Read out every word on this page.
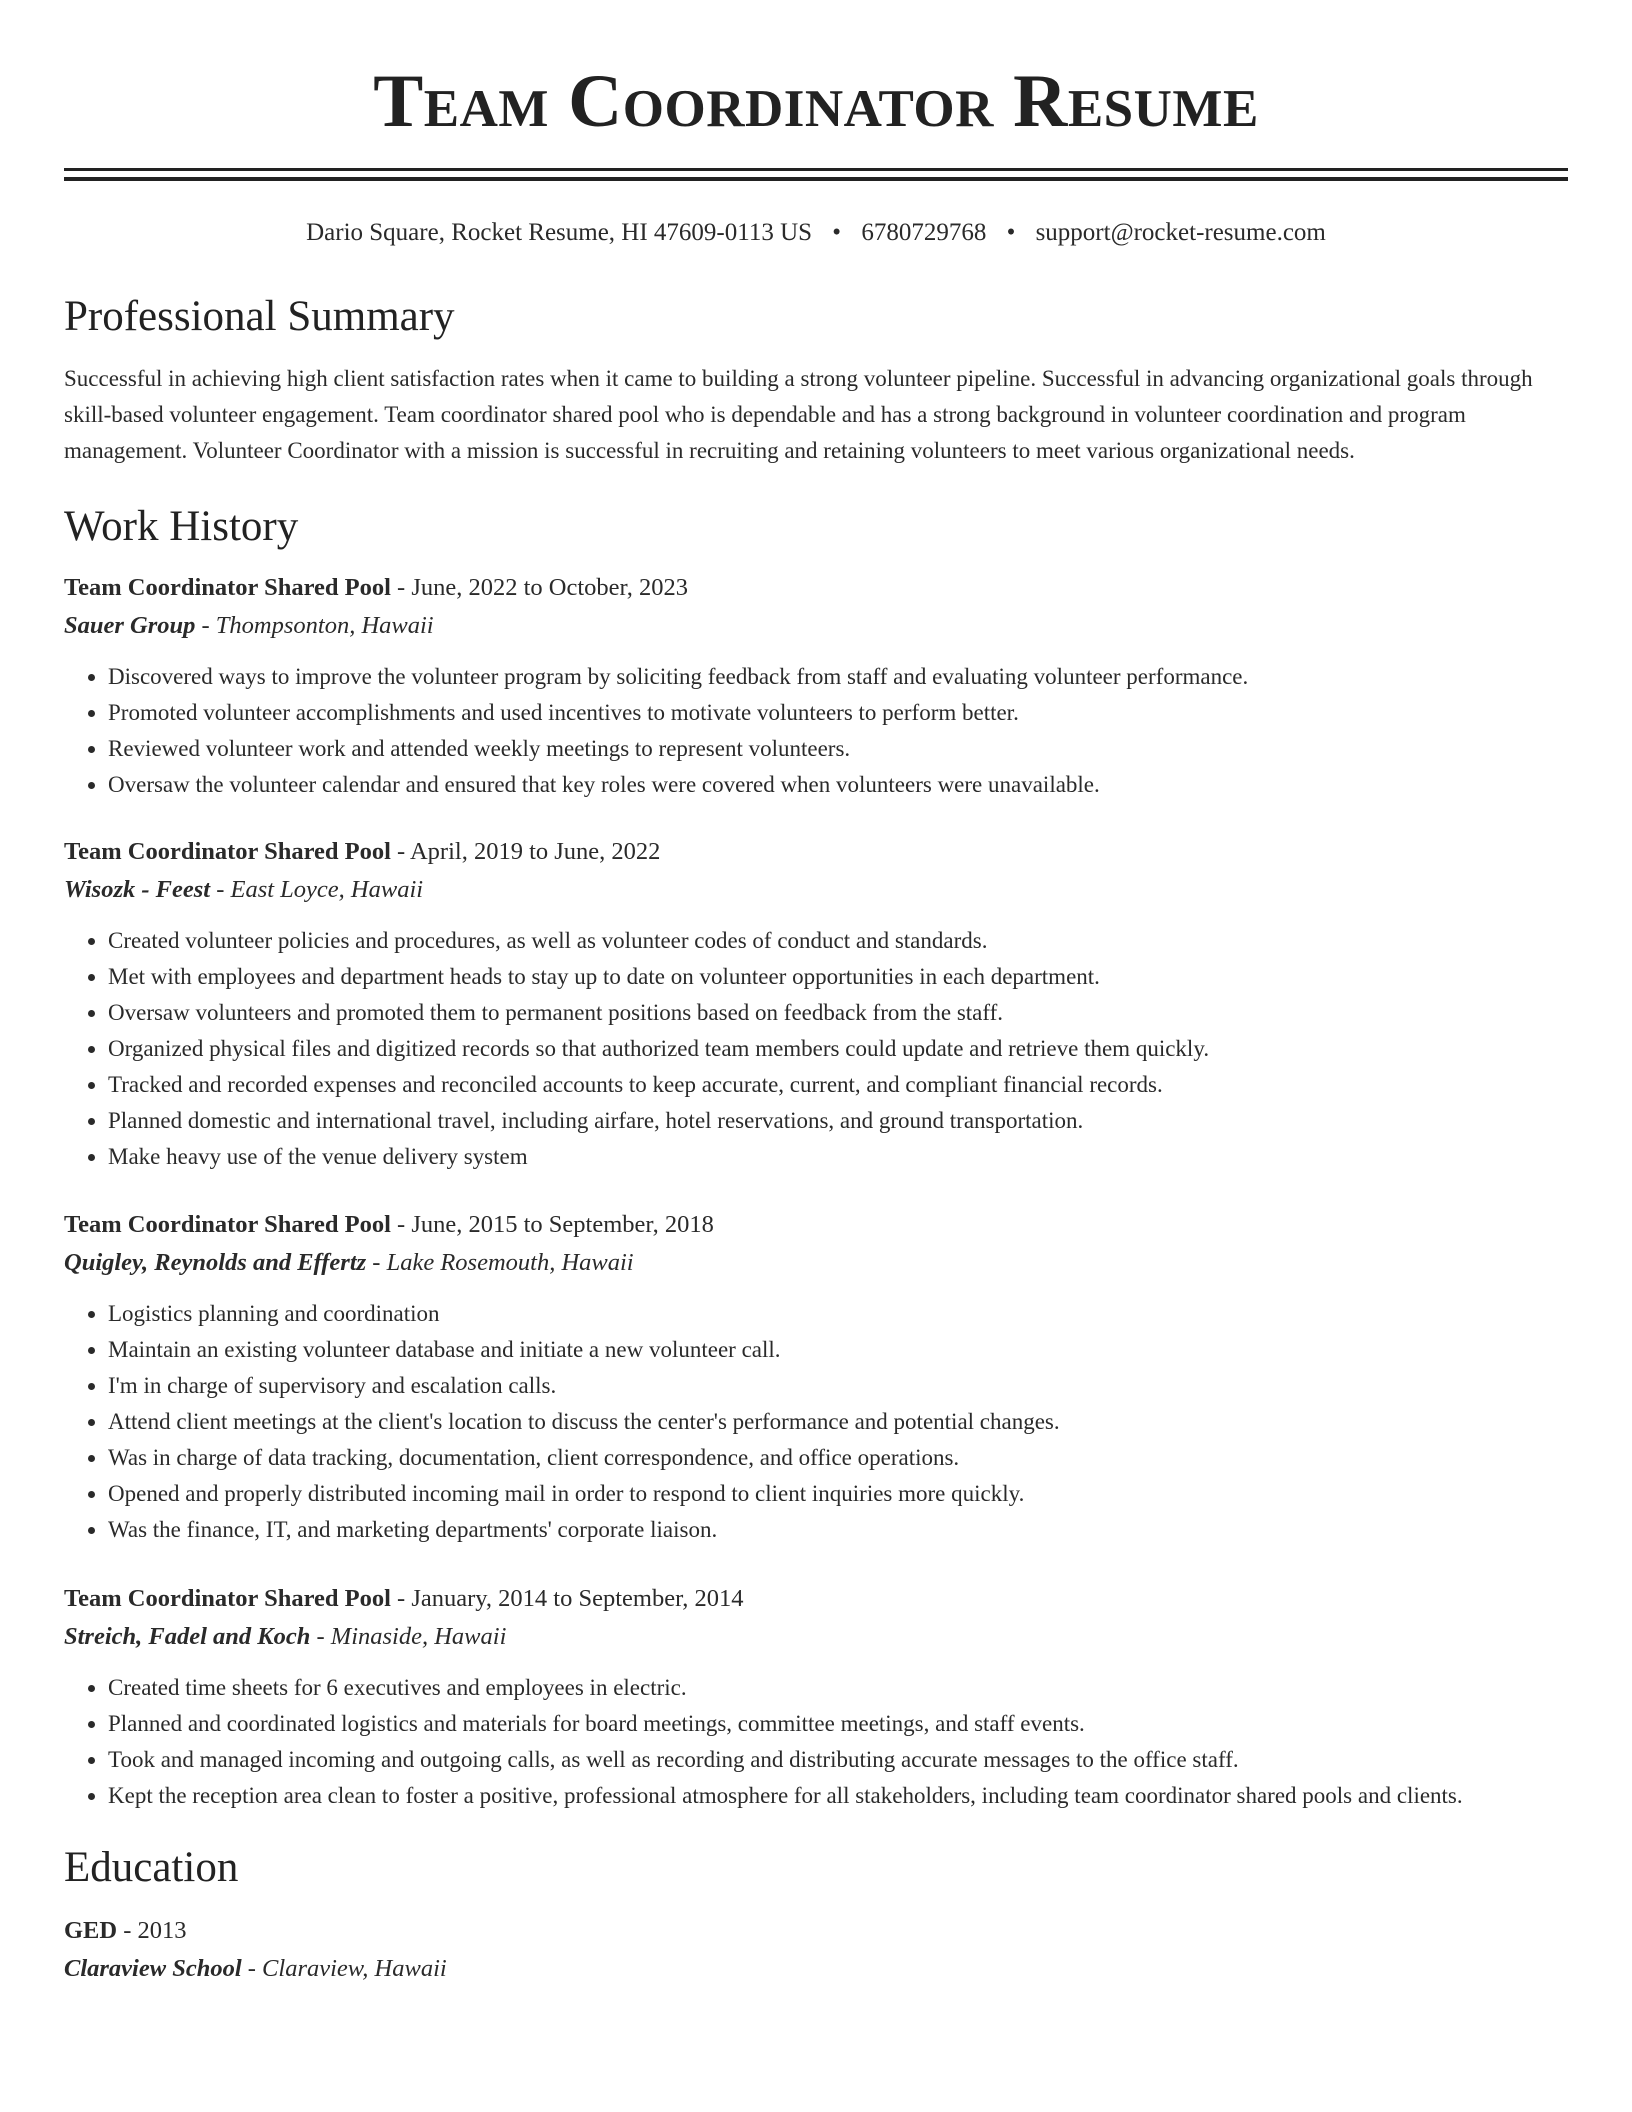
Team Coordinator Resume
Dario Square, Rocket Resume, HI 47609-0113 US • 6780729768 • support@rocket-resume.com
Professional Summary
Successful in achieving high client satisfaction rates when it came to building a strong volunteer pipeline. Successful in advancing organizational goals through skill-based volunteer engagement. Team coordinator shared pool who is dependable and has a strong background in volunteer coordination and program management. Volunteer Coordinator with a mission is successful in recruiting and retaining volunteers to meet various organizational needs.
Work History
Team Coordinator Shared Pool - June, 2022 to October, 2023
Sauer Group - Thompsonton, Hawaii
• Discovered ways to improve the volunteer program by soliciting feedback from staff and evaluating volunteer performance.
• Promoted volunteer accomplishments and used incentives to motivate volunteers to perform better.
• Reviewed volunteer work and attended weekly meetings to represent volunteers.
• Oversaw the volunteer calendar and ensured that key roles were covered when volunteers were unavailable.
Team Coordinator Shared Pool - April, 2019 to June, 2022
Wisozk - Feest - East Loyce, Hawaii
• Created volunteer policies and procedures, as well as volunteer codes of conduct and standards.
• Met with employees and department heads to stay up to date on volunteer opportunities in each department.
• Oversaw volunteers and promoted them to permanent positions based on feedback from the staff.
• Organized physical files and digitized records so that authorized team members could update and retrieve them quickly.
• Tracked and recorded expenses and reconciled accounts to keep accurate, current, and compliant financial records.
• Planned domestic and international travel, including airfare, hotel reservations, and ground transportation.
• Make heavy use of the venue delivery system
Team Coordinator Shared Pool - June, 2015 to September, 2018
Quigley, Reynolds and Effertz - Lake Rosemouth, Hawaii
• Logistics planning and coordination
• Maintain an existing volunteer database and initiate a new volunteer call.
• I'm in charge of supervisory and escalation calls.
• Attend client meetings at the client's location to discuss the center's performance and potential changes.
• Was in charge of data tracking, documentation, client correspondence, and office operations.
• Opened and properly distributed incoming mail in order to respond to client inquiries more quickly.
• Was the finance, IT, and marketing departments' corporate liaison.
Team Coordinator Shared Pool - January, 2014 to September, 2014
Streich, Fadel and Koch - Minaside, Hawaii
• Created time sheets for 6 executives and employees in electric.
• Planned and coordinated logistics and materials for board meetings, committee meetings, and staff events.
• Took and managed incoming and outgoing calls, as well as recording and distributing accurate messages to the office staff.
• Kept the reception area clean to foster a positive, professional atmosphere for all stakeholders, including team coordinator shared pools and clients.
Education
GED - 2013
Claraview School - Claraview, Hawaii
